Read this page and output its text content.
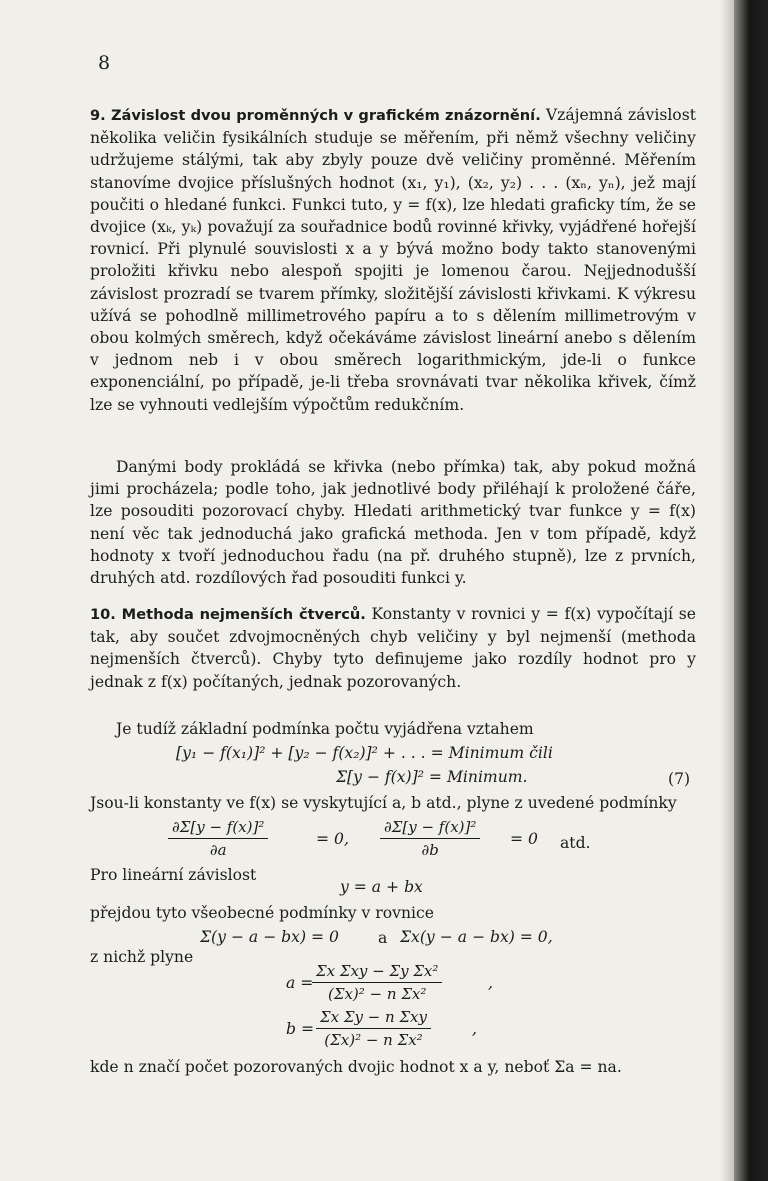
8

9. Závislost dvou proměnných v grafickém znázornění. Vzájemná závislost několika veličin fysikálních studuje se měřením, při němž všechny veličiny udržujeme stálými, tak aby zbyly pouze dvě veličiny proměnné. Měřením stanovíme dvojice příslušných hodnot (x₁, y₁), (x₂, y₂) . . . (xₙ, yₙ), jež mají poučiti o hledané funkci. Funkci tuto, y = f(x), lze hledati graficky tím, že se dvojice (xₖ, yₖ) považují za souřadnice bodů rovinné křivky, vyjádřené hořejší rovnicí. Při plynulé souvislosti x a y bývá možno body takto stanovenými proložiti křivku nebo alespoň spojiti je lomenou čarou. Nejjednodušší závislost prozradí se tvarem přímky, složitější závislosti křivkami. K výkresu užívá se pohodlně millimetrového papíru a to s dělením millimetrovým v obou kolmých směrech, když očekáváme závislost lineární anebo s dělením v jednom neb i v obou směrech logarithmickým, jde-li o funkce exponenciální, po případě, je-li třeba srovnávati tvar několika křivek, čímž lze se vyhnouti vedlejším výpočtům redukčním.

Danými body prokládá se křivka (nebo přímka) tak, aby pokud možná jimi procházela; podle toho, jak jednotlivé body přiléhají k proložené čáře, lze posouditi pozorovací chyby. Hledati arithmetický tvar funkce y = f(x) není věc tak jednoduchá jako grafická methoda. Jen v tom případě, když hodnoty x tvoří jednoduchou řadu (na př. druhého stupně), lze z prvních, druhých atd. rozdílových řad posouditi funkci y.

10. Methoda nejmenších čtverců. Konstanty v rovnici y = f(x) vypočítají se tak, aby součet zdvojmocněných chyb veličiny y byl nejmenší (methoda nejmenších čtverců). Chyby tyto definujeme jako rozdíly hodnot pro y jednak z f(x) počítaných, jednak pozorovaných.

Je tudíž základní podmínka počtu vyjádřena vztahem

[y₁ − f(x₁)]² + [y₂ − f(x₂)]² + . . . = Minimum čili
Σ[y − f(x)]² = Minimum.	(7)

Jsou-li konstanty ve f(x) se vyskytující a, b atd., plyne z uvedené podmínky

$\frac{\text{∂Σ[y − f(x)]²}}{\partial a}$	= 0, $\frac{\text{∂Σ[y − f(x)]²}}{\partial b} = 0$ atd.

Pro lineární závislost

y = a + bx

přejdou tyto všeobecné podmínky v rovnice

Σ(y − a − bx) = 0	a Σx(y − a − bx) = 0,

z nichž plyne

a =
Σx Σxy − Σy Σx²
(Σx)² − n Σx²
,
b =
Σx Σy − n Σxy
(Σx)² − n Σx²
,

kde n značí počet pozorovaných dvojic hodnot x a y, neboť Σa = na.
